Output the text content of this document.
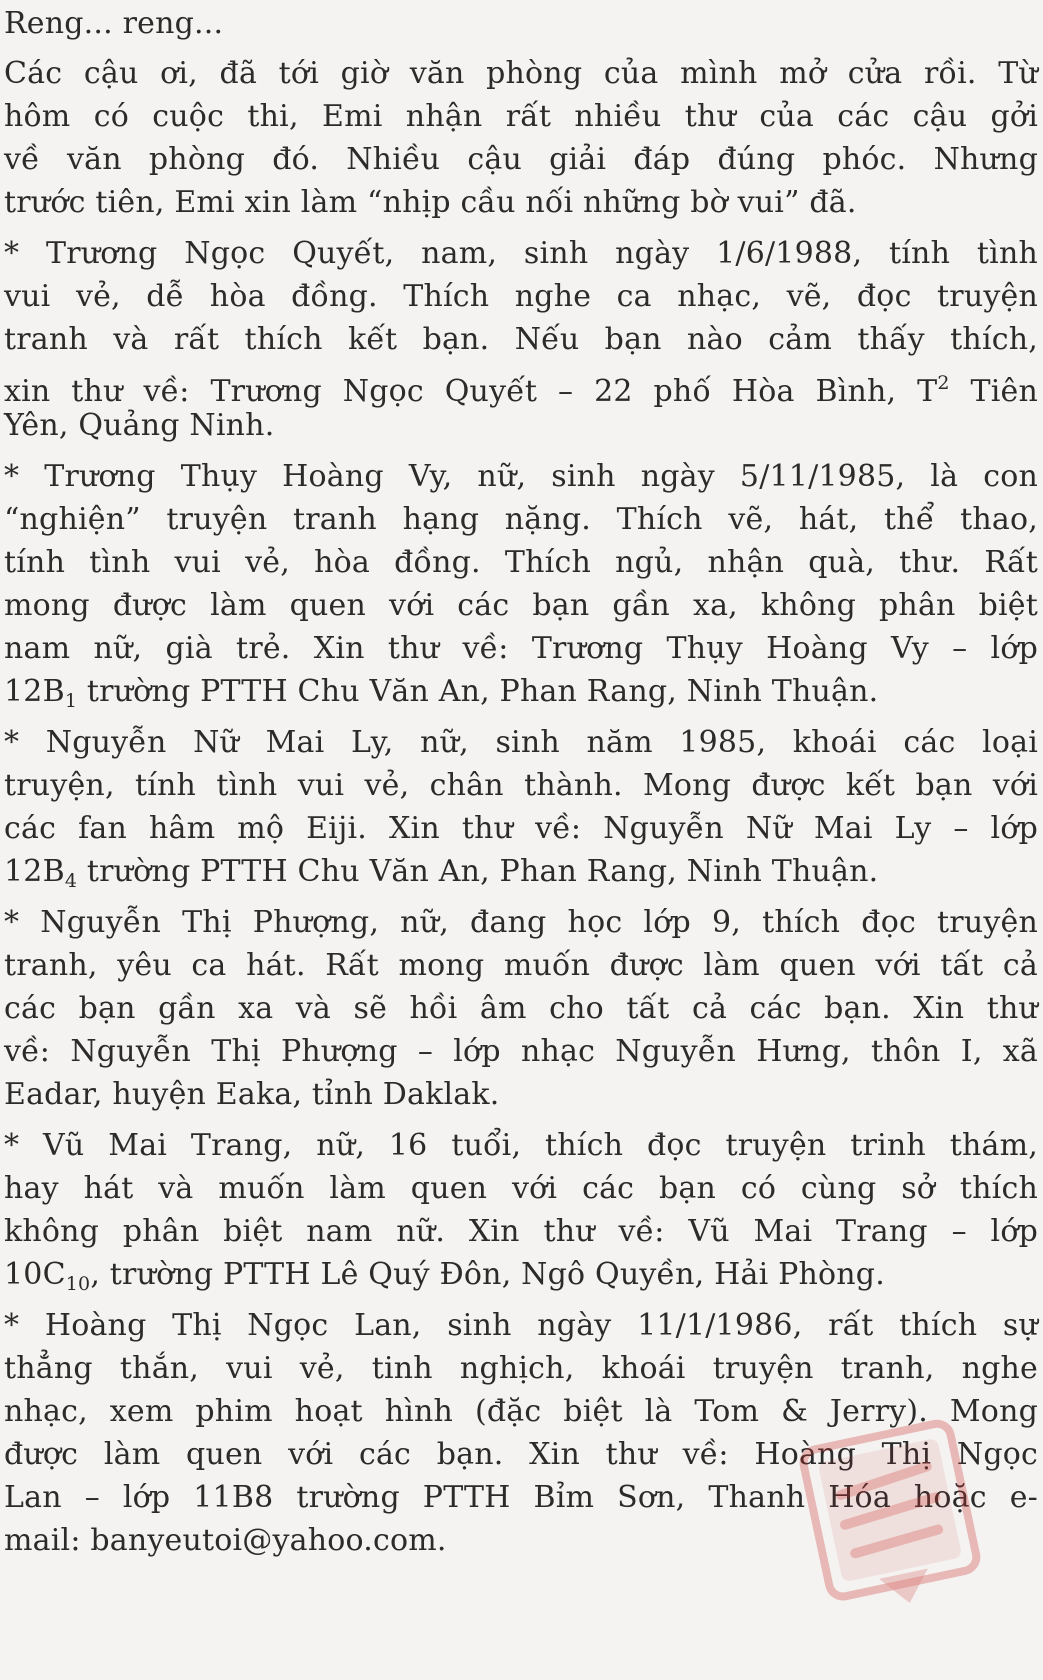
Reng... reng...
Các cậu ơi, đã tới giờ văn phòng của mình mở cửa rồi. Từ
hôm có cuộc thi, Emi nhận rất nhiều thư của các cậu gởi
về văn phòng đó. Nhiều cậu giải đáp đúng phóc. Nhưng
trước tiên, Emi xin làm “nhịp cầu nối những bờ vui” đã.
* Trương Ngọc Quyết, nam, sinh ngày 1/6/1988, tính tình
vui vẻ, dễ hòa đồng. Thích nghe ca nhạc, vẽ, đọc truyện
tranh và rất thích kết bạn. Nếu bạn nào cảm thấy thích,
xin thư về: Trương Ngọc Quyết – 22 phố Hòa Bình, $T^2$ Tiên
Yên, Quảng Ninh.
* Trương Thụy Hoàng Vy, nữ, sinh ngày 5/11/1985, là con
“nghiện” truyện tranh hạng nặng. Thích vẽ, hát, thể thao,
tính tình vui vẻ, hòa đồng. Thích ngủ, nhận quà, thư. Rất
mong được làm quen với các bạn gần xa, không phân biệt
nam nữ, già trẻ. Xin thư về: Trương Thụy Hoàng Vy – lớp
$12B_1$ trường PTTH Chu Văn An, Phan Rang, Ninh Thuận.
* Nguyễn Nữ Mai Ly, nữ, sinh năm 1985, khoái các loại
truyện, tính tình vui vẻ, chân thành. Mong được kết bạn với
các fan hâm mộ Eiji. Xin thư về: Nguyễn Nữ Mai Ly – lớp
$12B_4$ trường PTTH Chu Văn An, Phan Rang, Ninh Thuận.
* Nguyễn Thị Phượng, nữ, đang học lớp 9, thích đọc truyện
tranh, yêu ca hát. Rất mong muốn được làm quen với tất cả
các bạn gần xa và sẽ hồi âm cho tất cả các bạn. Xin thư
về: Nguyễn Thị Phượng – lớp nhạc Nguyễn Hưng, thôn I, xã
Eadar, huyện Eaka, tỉnh Daklak.
* Vũ Mai Trang, nữ, 16 tuổi, thích đọc truyện trinh thám,
hay hát và muốn làm quen với các bạn có cùng sở thích
không phân biệt nam nữ. Xin thư về: Vũ Mai Trang – lớp
$10C_{10}$, trường PTTH Lê Quý Đôn, Ngô Quyền, Hải Phòng.
* Hoàng Thị Ngọc Lan, sinh ngày 11/1/1986, rất thích sự
thẳng thắn, vui vẻ, tinh nghịch, khoái truyện tranh, nghe
nhạc, xem phim hoạt hình (đặc biệt là Tom & Jerry). Mong
được làm quen với các bạn. Xin thư về: Hoàng Thị Ngọc
Lan – lớp 11B8 trường PTTH Bỉm Sơn, Thanh Hóa hoặc e-
mail: banyeutoi@yahoo.com.
